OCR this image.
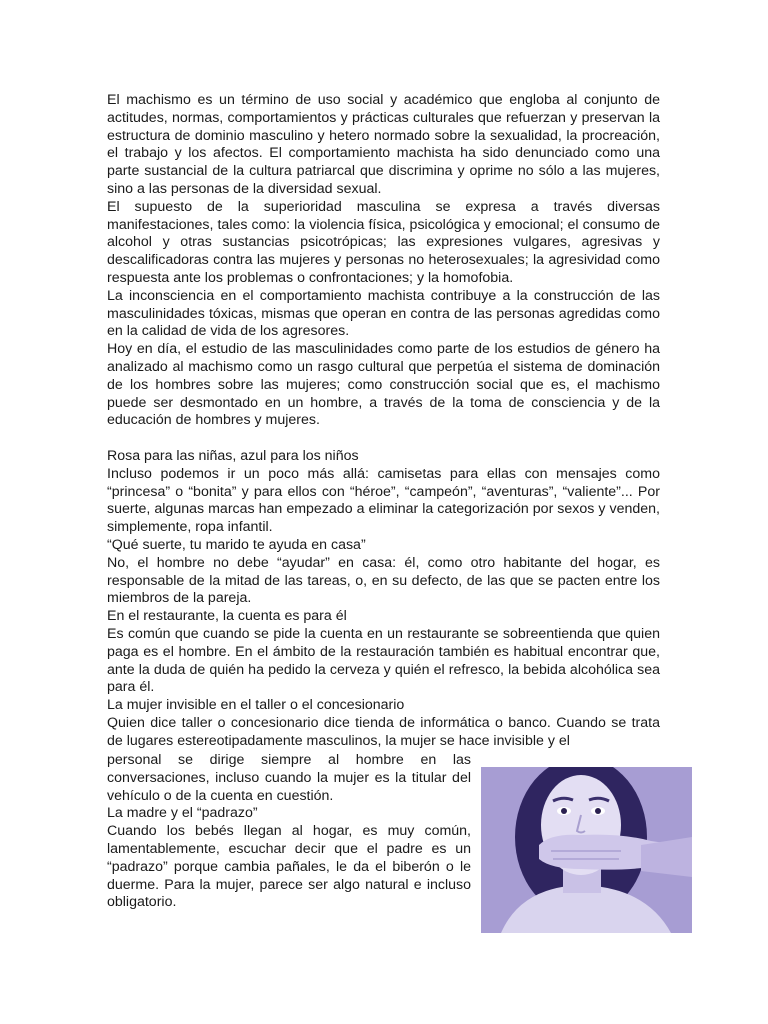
El machismo es un término de uso social y académico que engloba al conjunto de actitudes, normas, comportamientos y prácticas culturales que refuerzan y preservan la estructura de dominio masculino y hetero normado sobre la sexualidad, la procreación, el trabajo y los afectos. El comportamiento machista ha sido denunciado como una parte sustancial de la cultura patriarcal que discrimina y oprime no sólo a las mujeres, sino a las personas de la diversidad sexual.

El supuesto de la superioridad masculina se expresa a través diversas manifestaciones, tales como: la violencia física, psicológica y emocional; el consumo de alcohol y otras sustancias psicotrópicas; las expresiones vulgares, agresivas y descalificadoras contra las mujeres y personas no heterosexuales; la agresividad como respuesta ante los problemas o confrontaciones; y la homofobia.

La inconsciencia en el comportamiento machista contribuye a la construcción de las masculinidades tóxicas, mismas que operan en contra de las personas agredidas como en la calidad de vida de los agresores.

Hoy en día, el estudio de las masculinidades como parte de los estudios de género ha analizado al machismo como un rasgo cultural que perpetúa el sistema de dominación de los hombres sobre las mujeres; como construcción social que es, el machismo puede ser desmontado en un hombre, a través de la toma de consciencia y de la educación de hombres y mujeres.

Rosa para las niñas, azul para los niños

Incluso podemos ir un poco más allá: camisetas para ellas con mensajes como “princesa” o “bonita” y para ellos con “héroe”, “campeón”, “aventuras”, “valiente”... Por suerte, algunas marcas han empezado a eliminar la categorización por sexos y venden, simplemente, ropa infantil.

“Qué suerte, tu marido te ayuda en casa”

No, el hombre no debe “ayudar” en casa: él, como otro habitante del hogar, es responsable de la mitad de las tareas, o, en su defecto, de las que se pacten entre los miembros de la pareja.

En el restaurante, la cuenta es para él

Es común que cuando se pide la cuenta en un restaurante se sobreentienda que quien paga es el hombre. En el ámbito de la restauración también es habitual encontrar que, ante la duda de quién ha pedido la cerveza y quién el refresco, la bebida alcohólica sea para él.

La mujer invisible en el taller o el concesionario

Quien dice taller o concesionario dice tienda de informática o banco. Cuando se trata de lugares estereotipadamente masculinos, la mujer se hace invisible y el

personal se dirige siempre al hombre en las conversaciones, incluso cuando la mujer es la titular del vehículo o de la cuenta en cuestión.

La madre y el “padrazo”

Cuando los bebés llegan al hogar, es muy común, lamentablemente, escuchar decir que el padre es un “padrazo” porque cambia pañales, le da el biberón o le duerme. Para la mujer, parece ser algo natural e incluso obligatorio.
